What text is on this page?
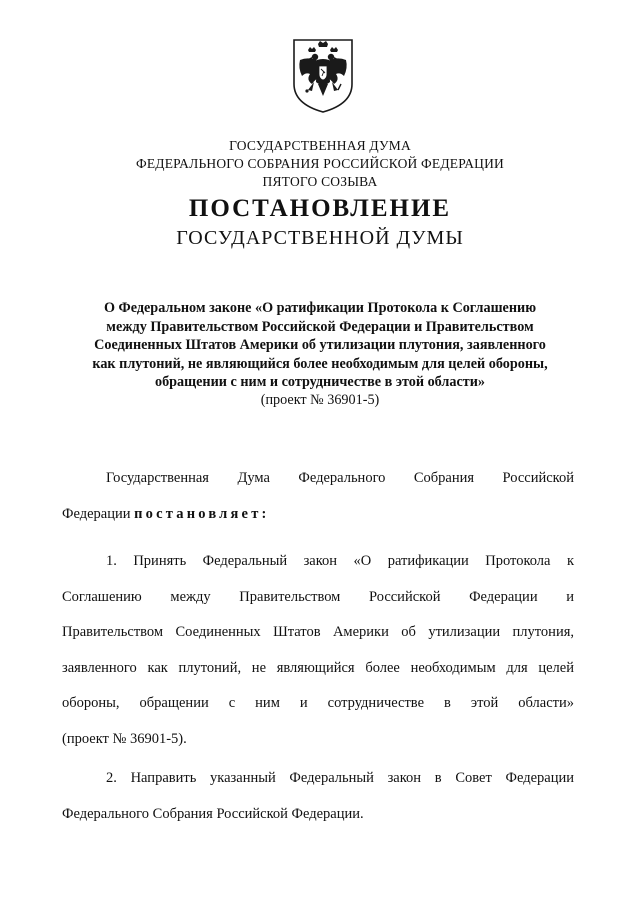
ГОСУДАРСТВЕННАЯ ДУМА
ФЕДЕРАЛЬНОГО СОБРАНИЯ РОССИЙСКОЙ ФЕДЕРАЦИИ
ПЯТОГО СОЗЫВА
ПОСТАНОВЛЕНИЕ
ГОСУДАРСТВЕННОЙ ДУМЫ
О Федеральном законе «О ратификации Протокола к Соглашению
между Правительством Российской Федерации и Правительством
Соединенных Штатов Америки об утилизации плутония, заявленного
как плутоний, не являющийся более необходимым для целей обороны,
обращении с ним и сотрудничестве в этой области»
(проект № 36901-5)
Государственная Дума Федерального Собрания Российской
Федерации постановляет:
1. Принять Федеральный закон «О ратификации Протокола к
Соглашению между Правительством Российской Федерации и
Правительством Соединенных Штатов Америки об утилизации плутония,
заявленного как плутоний, не являющийся более необходимым для целей
обороны, обращении с ним и сотрудничестве в этой области»
(проект № 36901-5).
2. Направить указанный Федеральный закон в Совет Федерации
Федерального Собрания Российской Федерации.
